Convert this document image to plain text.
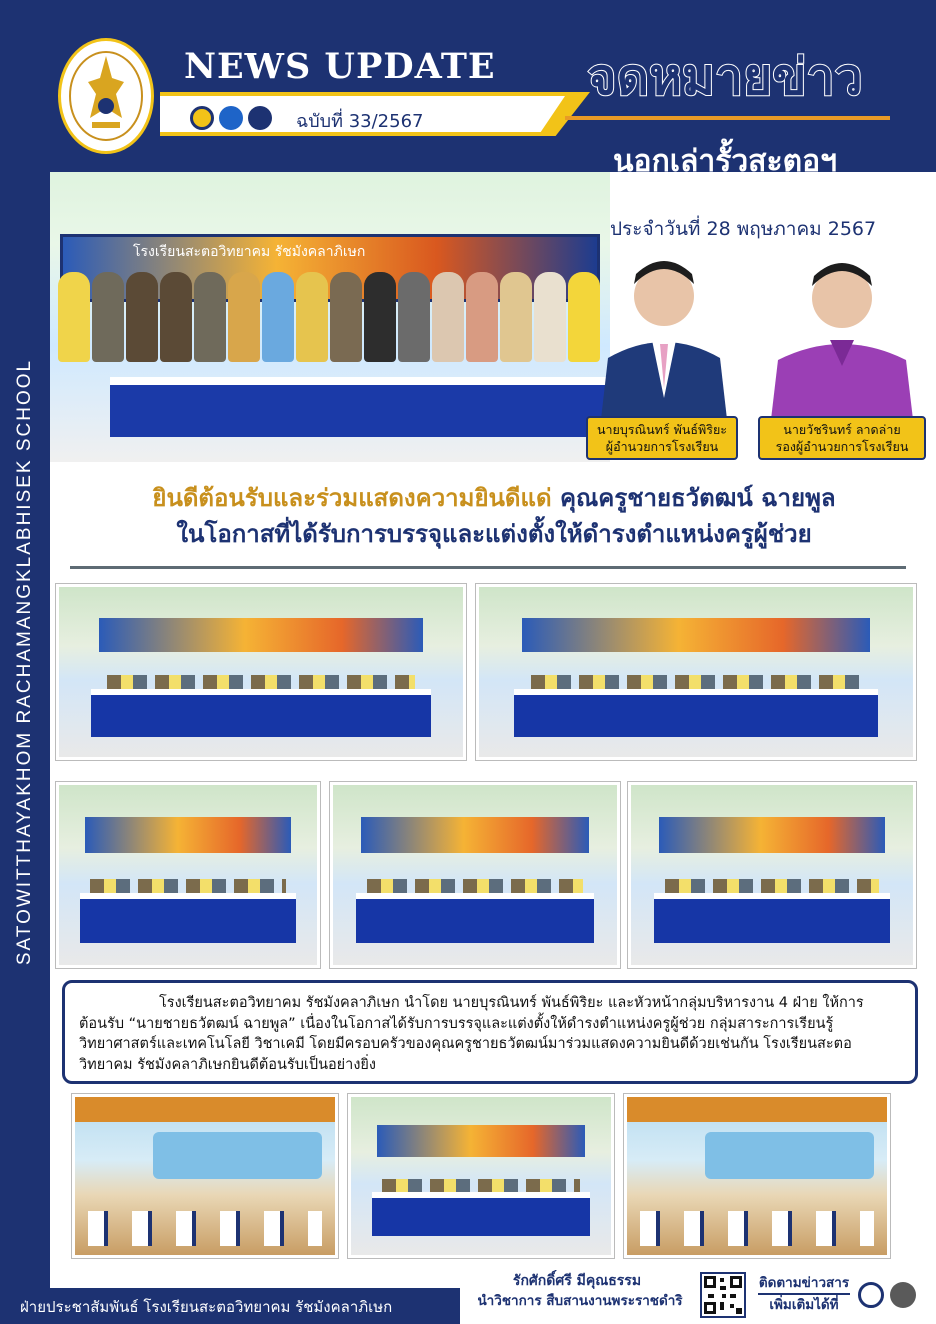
SATOWITTHAYAKHOM RACHAMANGKLABHISEK SCHOOL
NEWS UPDATE
ฉบับที่ 33/2567
จดหมายข่าว
นอกเล่ารั้วสะตอฯ
ประจำวันที่ 28 พฤษภาคม 2567
โรงเรียนสะตอวิทยาคม รัชมังคลาภิเษก
นายบุรณินทร์ พันธ์พิริยะ
ผู้อำนวยการโรงเรียน
นายวัชรินทร์ ลาดล่าย
รองผู้อำนวยการโรงเรียน
ยินดีต้อนรับและร่วมแสดงความยินดีแด่ คุณครูชายธวัตฒน์ ฉายพูล
ในโอกาสที่ได้รับการบรรจุและแต่งตั้งให้ดำรงตำแหน่งครูผู้ช่วย

โรงเรียนสะตอวิทยาคม รัชมังคลาภิเษก นำโดย นายบุรณินทร์ พันธ์พิริยะ และหัวหน้ากลุ่มบริหารงาน 4 ฝ่าย ให้การต้อนรับ “นายชายธวัตฒน์ ฉายพูล” เนื่องในโอกาสได้รับการบรรจุและแต่งตั้งให้ดำรงตำแหน่งครูผู้ช่วย กลุ่มสาระการเรียนรู้วิทยาศาสตร์และเทคโนโลยี วิชาเคมี โดยมีครอบครัวของคุณครูชายธวัตฒน์มาร่วมแสดงความยินดีด้วยเช่นกัน โรงเรียนสะตอวิทยาคม รัชมังคลาภิเษกยินดีต้อนรับเป็นอย่างยิ่ง

ฝ่ายประชาสัมพันธ์ โรงเรียนสะตอวิทยาคม รัชมังคลาภิเษก
รักศักดิ์ศรี มีคุณธรรม
นำวิชาการ สืบสานงานพระราชดำริ
ติดตามข่าวสาร
เพิ่มเติมได้ที่
